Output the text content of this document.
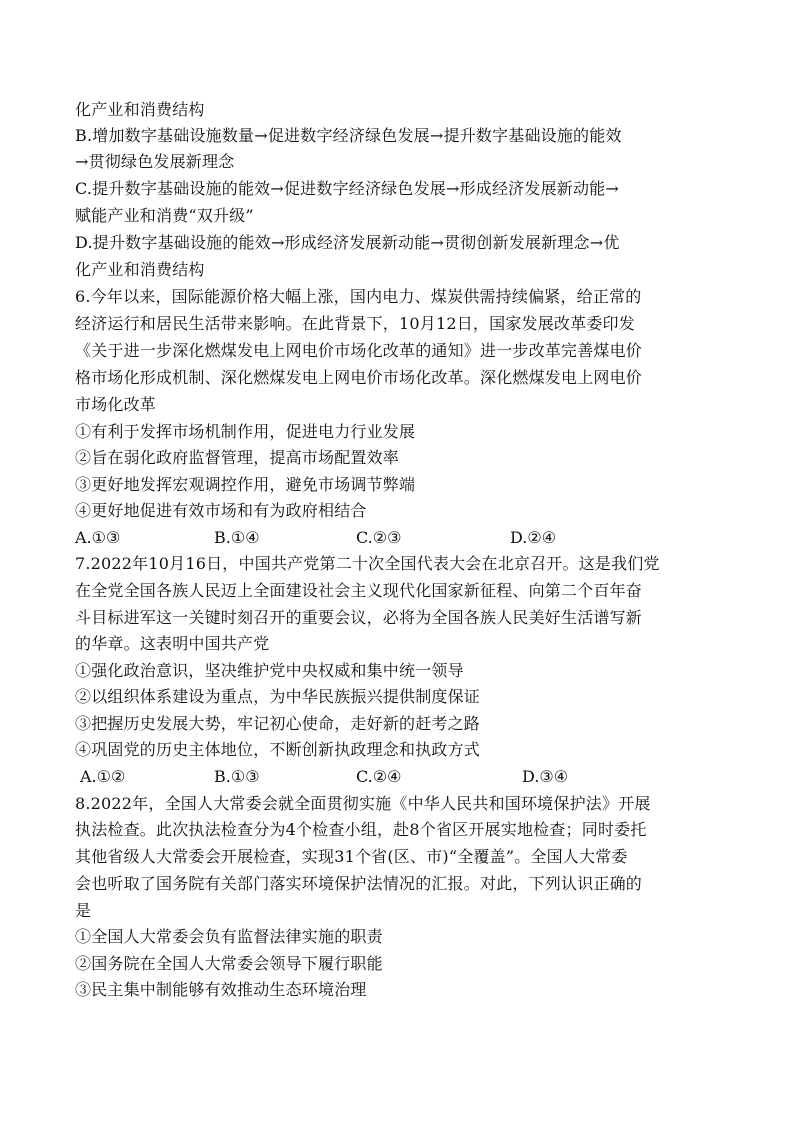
化产业和消费结构
B.增加数字基础设施数量→促进数字经济绿色发展→提升数字基础设施的能效
→贯彻绿色发展新理念
C.提升数字基础设施的能效→促进数字经济绿色发展→形成经济发展新动能→
赋能产业和消费“双升级”
D.提升数字基础设施的能效→形成经济发展新动能→贯彻创新发展新理念→优
化产业和消费结构
6.今年以来，国际能源价格大幅上涨，国内电力、煤炭供需持续偏紧，给正常的
经济运行和居民生活带来影响。在此背景下，10月12日，国家发展改革委印发
《关于进一步深化燃煤发电上网电价市场化改革的通知》进一步改革完善煤电价
格市场化形成机制、深化燃煤发电上网电价市场化改革。深化燃煤发电上网电价
市场化改革
①有利于发挥市场机制作用，促进电力行业发展
②旨在弱化政府监督管理，提高市场配置效率
③更好地发挥宏观调控作用，避免市场调节弊端
④更好地促进有效市场和有为政府相结合
A.①③	B.①④	C.②③	D.②④
7.2022年10月16日，中国共产党第二十次全国代表大会在北京召开。这是我们党
在全党全国各族人民迈上全面建设社会主义现代化国家新征程、向第二个百年奋
斗目标进军这一关键时刻召开的重要会议，必将为全国各族人民美好生活谱写新
的华章。这表明中国共产党
①强化政治意识，坚决维护党中央权威和集中统一领导
②以组织体系建设为重点，为中华民族振兴提供制度保证
③把握历史发展大势，牢记初心使命，走好新的赶考之路
④巩固党的历史主体地位，不断创新执政理念和执政方式
A.①②	B.①③	C.②④	D.③④
8.2022年，全国人大常委会就全面贯彻实施《中华人民共和国环境保护法》开展
执法检查。此次执法检查分为4个检查小组，赴8个省区开展实地检查；同时委托
其他省级人大常委会开展检查，实现31个省(区、市)“全覆盖”。全国人大常委
会也听取了国务院有关部门落实环境保护法情况的汇报。对此，下列认识正确的
是
①全国人大常委会负有监督法律实施的职责
②国务院在全国人大常委会领导下履行职能
③民主集中制能够有效推动生态环境治理
